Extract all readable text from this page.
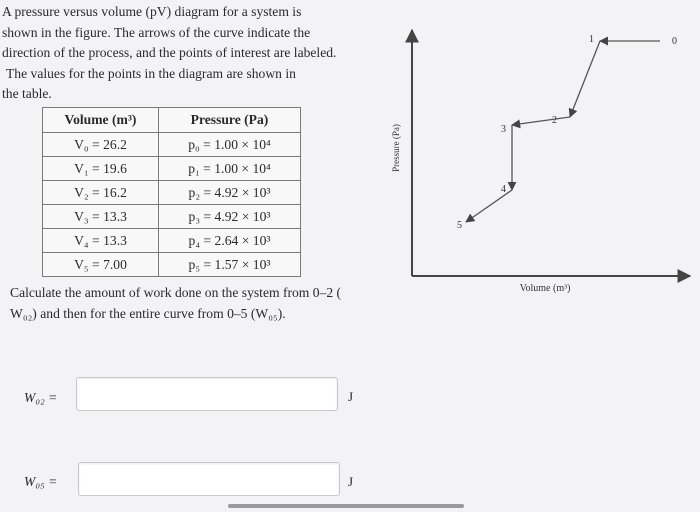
A pressure versus volume (pV) diagram for a system is
shown in the figure. The arrows of the curve indicate the
direction of the process, and the points of interest are labeled.
The values for the points in the diagram are shown in
the table.
Volume (m³)	Pressure (Pa)
V₀ = 26.2	p₀ = 1.00 × 10⁴
V₁ = 19.6	p₁ = 1.00 × 10⁴
V₂ = 16.2	p₂ = 4.92 × 10³
V₃ = 13.3	p₃ = 4.92 × 10³
V₄ = 13.3	p₄ = 2.64 × 10³
V₅ = 7.00	p₅ = 1.57 × 10³
Calculate the amount of work done on the system from 0–2 (
W₀₂) and then for the entire curve from 0–5 (W₀₅).
W₀₂ =	J
W₀₅ =	J
Pressure (Pa)
Volume (m³)
0
1
2
3
4
5
